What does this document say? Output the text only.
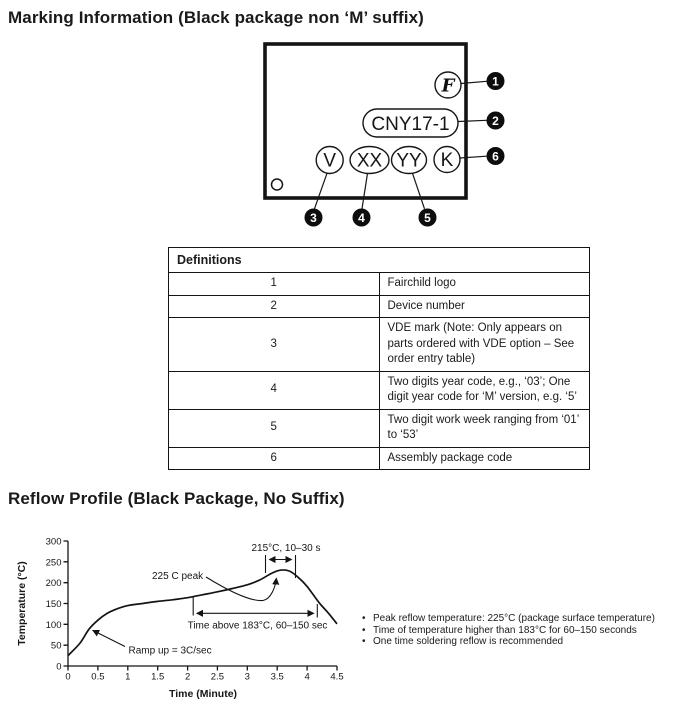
Marking Information (Black package non ‘M’ suffix)
F
CNY17-1
V XX YY K
1
2
6
3	4	5
Definitions	
1	Fairchild logo
2	Device number
3	VDE mark (Note: Only appears on parts ordered with VDE option – See order entry table)
4	Two digits year code, e.g., ‘03’; One digit year code for ‘M’ version, e.g. ‘5’
5	Two digit work week ranging from ‘01’ to ‘53’
6	Assembly package code
Reflow Profile (Black Package, No Suffix)
300
250
200
150
100
50
0
0 0.5 1 1.5 2 2.5 3 3.5 4 4.5
Time (Minute)
Temperature (°C)
215°C, 10–30 s
225 C peak
Time above 183°C, 60–150 sec
Ramp up = 3C/sec
•
Peak reflow temperature: 225°C (package surface temperature)
•
Time of temperature higher than 183°C for 60–150 seconds
•
One time soldering reflow is recommended
